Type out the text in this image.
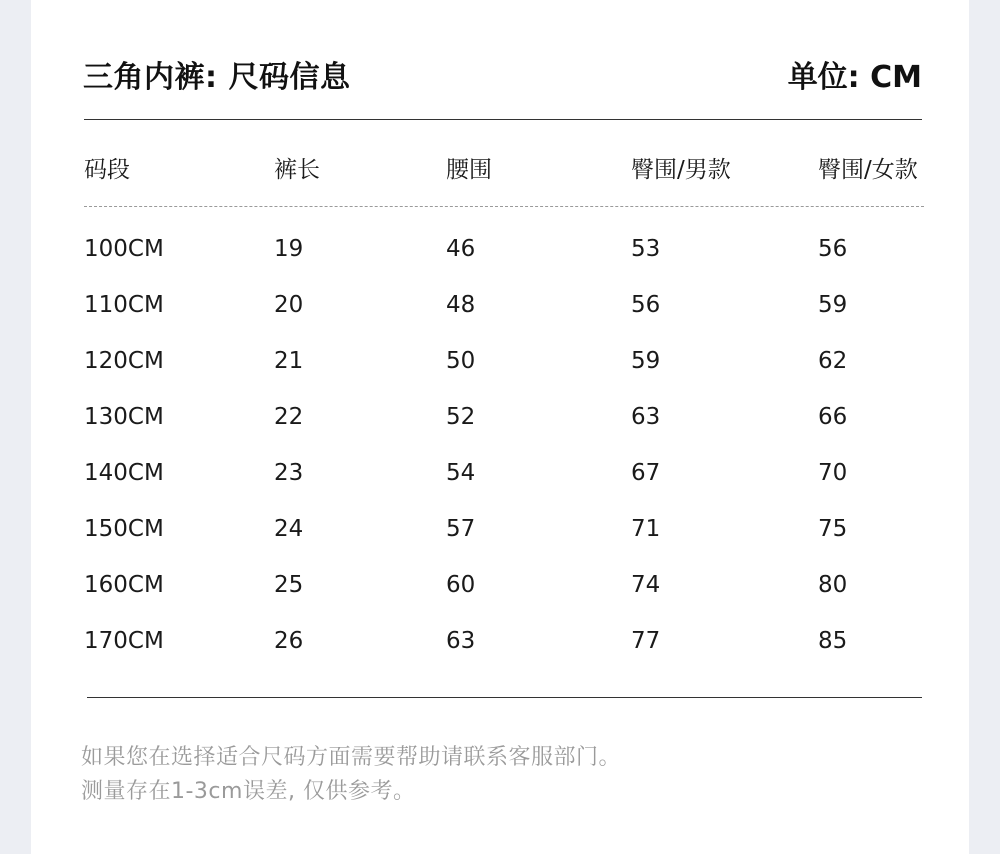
三角内裤: 尺码信息	单位: CM
码段	裤长	腰围	臀围/男款	臀围/女款
100CM	19	46	53	56
110CM	20	48	56	59
120CM	21	50	59	62
130CM	22	52	63	66
140CM	23	54	67	70
150CM	24	57	71	75
160CM	25	60	74	80
170CM	26	63	77	85
如果您在选择适合尺码方面需要帮助请联系客服部门。
测量存在1-3cm误差, 仅供参考。
